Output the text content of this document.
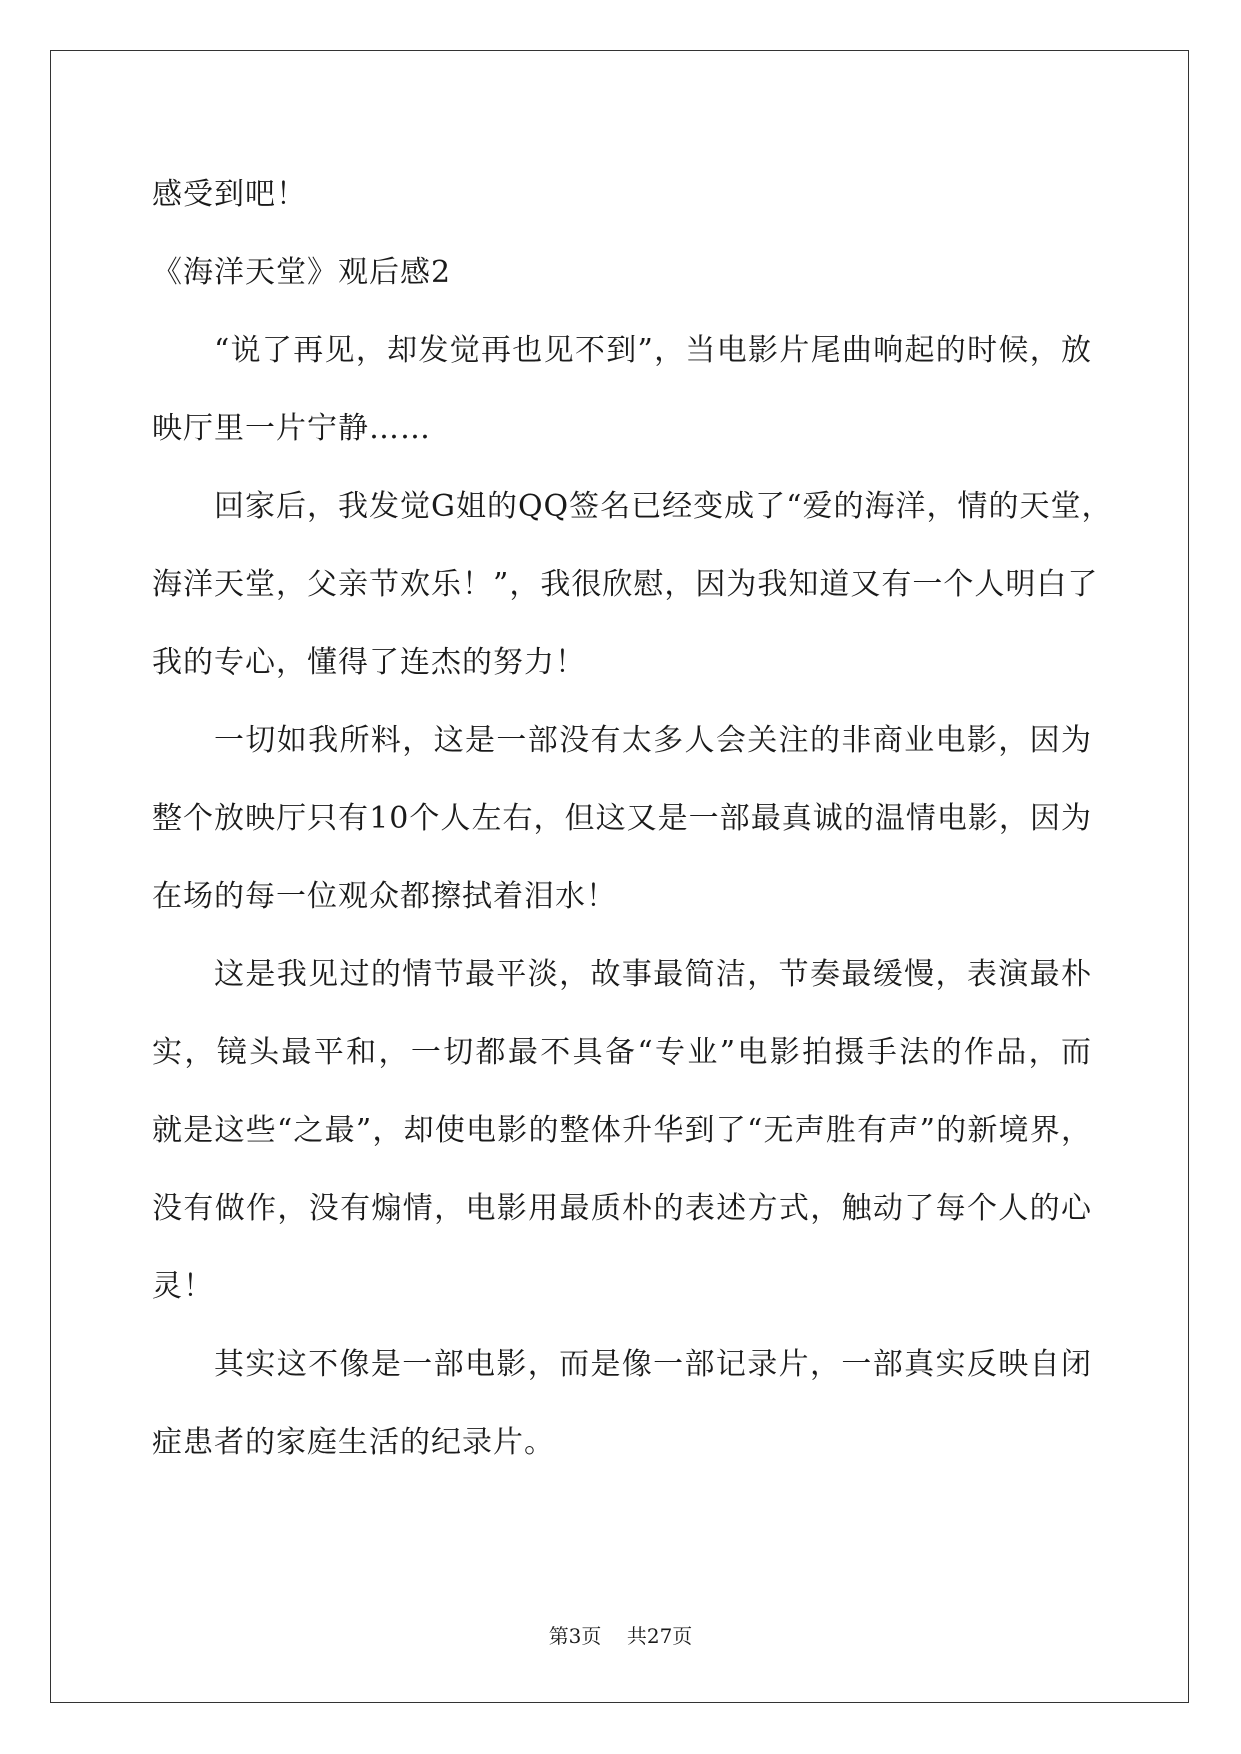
感受到吧！
《海洋天堂》观后感2
“说了再见，却发觉再也见不到”，当电影片尾曲响起的时候，放
映厅里一片宁静……
回家后，我发觉G姐的QQ签名已经变成了“爱的海洋，情的天堂，
海洋天堂，父亲节欢乐！”，我很欣慰，因为我知道又有一个人明白了
我的专心，懂得了连杰的努力！
一切如我所料，这是一部没有太多人会关注的非商业电影，因为
整个放映厅只有10个人左右，但这又是一部最真诚的温情电影，因为
在场的每一位观众都擦拭着泪水！
这是我见过的情节最平淡，故事最简洁，节奏最缓慢，表演最朴
实，镜头最平和，一切都最不具备“专业”电影拍摄手法的作品，而
就是这些“之最”，却使电影的整体升华到了“无声胜有声”的新境界，
没有做作，没有煽情，电影用最质朴的表述方式，触动了每个人的心
灵！
其实这不像是一部电影，而是像一部记录片，一部真实反映自闭
症患者的家庭生活的纪录片。
第3页    共27页
